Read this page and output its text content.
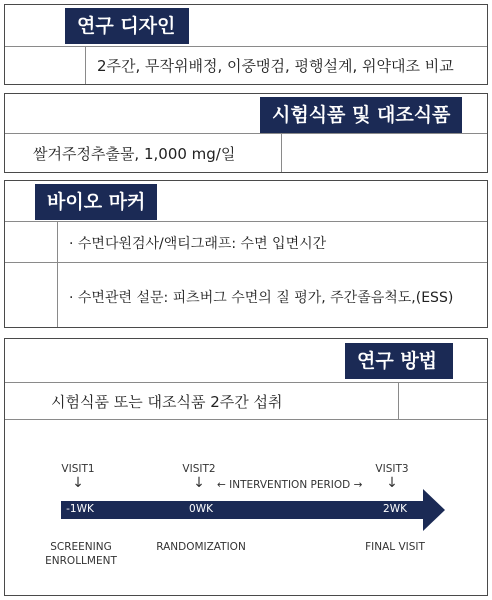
연구 디자인
2주간, 무작위배정, 이중맹검, 평행설계, 위약대조 비교
시험식품 및 대조식품
쌀겨주정추출물, 1,000 mg/일
바이오 마커
· 수면다원검사/액티그래프: 수면 입면시간
· 수면관련 설문: 피츠버그 수면의 질 평가, 주간졸음척도,(ESS)
연구 방법
시험식품 또는 대조식품 2주간 섭취
VISIT1	VISIT2	VISIT3
↓	↓	↓
← INTERVENTION PERIOD →
-1WK	0WK	2WK
SCREENING
ENROLLMENT
RANDOMIZATION	FINAL VISIT
